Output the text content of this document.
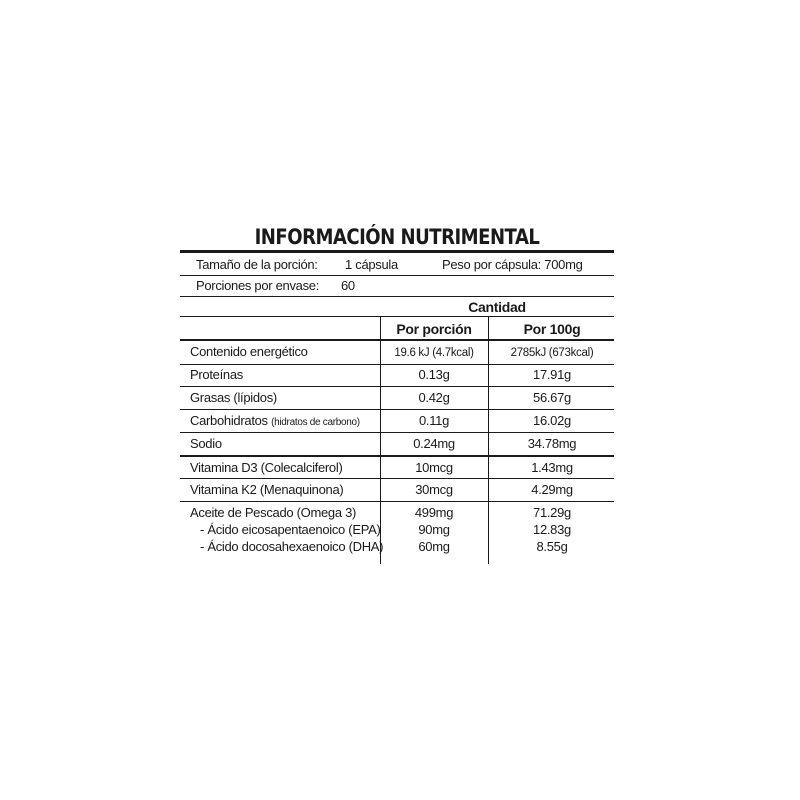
INFORMACIÓN NUTRIMENTAL
Tamaño de la porción: 1 cápsula	Peso por cápsula: 700mg
Porciones por envase: 60
Cantidad
Por porción	Por 100g
Contenido energético	19.6 kJ (4.7kcal)	2785kJ (673kcal)
Proteínas	0.13g	17.91g
Grasas (lípidos)	0.42g	56.67g
Carbohidratos (hidratos de carbono)	0.11g	16.02g
Sodio	0.24mg	34.78mg
Vitamina D3 (Colecalciferol)	10mcg	1.43mg
Vitamina K2 (Menaquinona)	30mcg	4.29mg
Aceite de Pescado (Omega 3)	499mg	71.29g
- Ácido eicosapentaenoico (EPA)	90mg	12.83g
- Ácido docosahexaenoico (DHA)	60mg	8.55g
